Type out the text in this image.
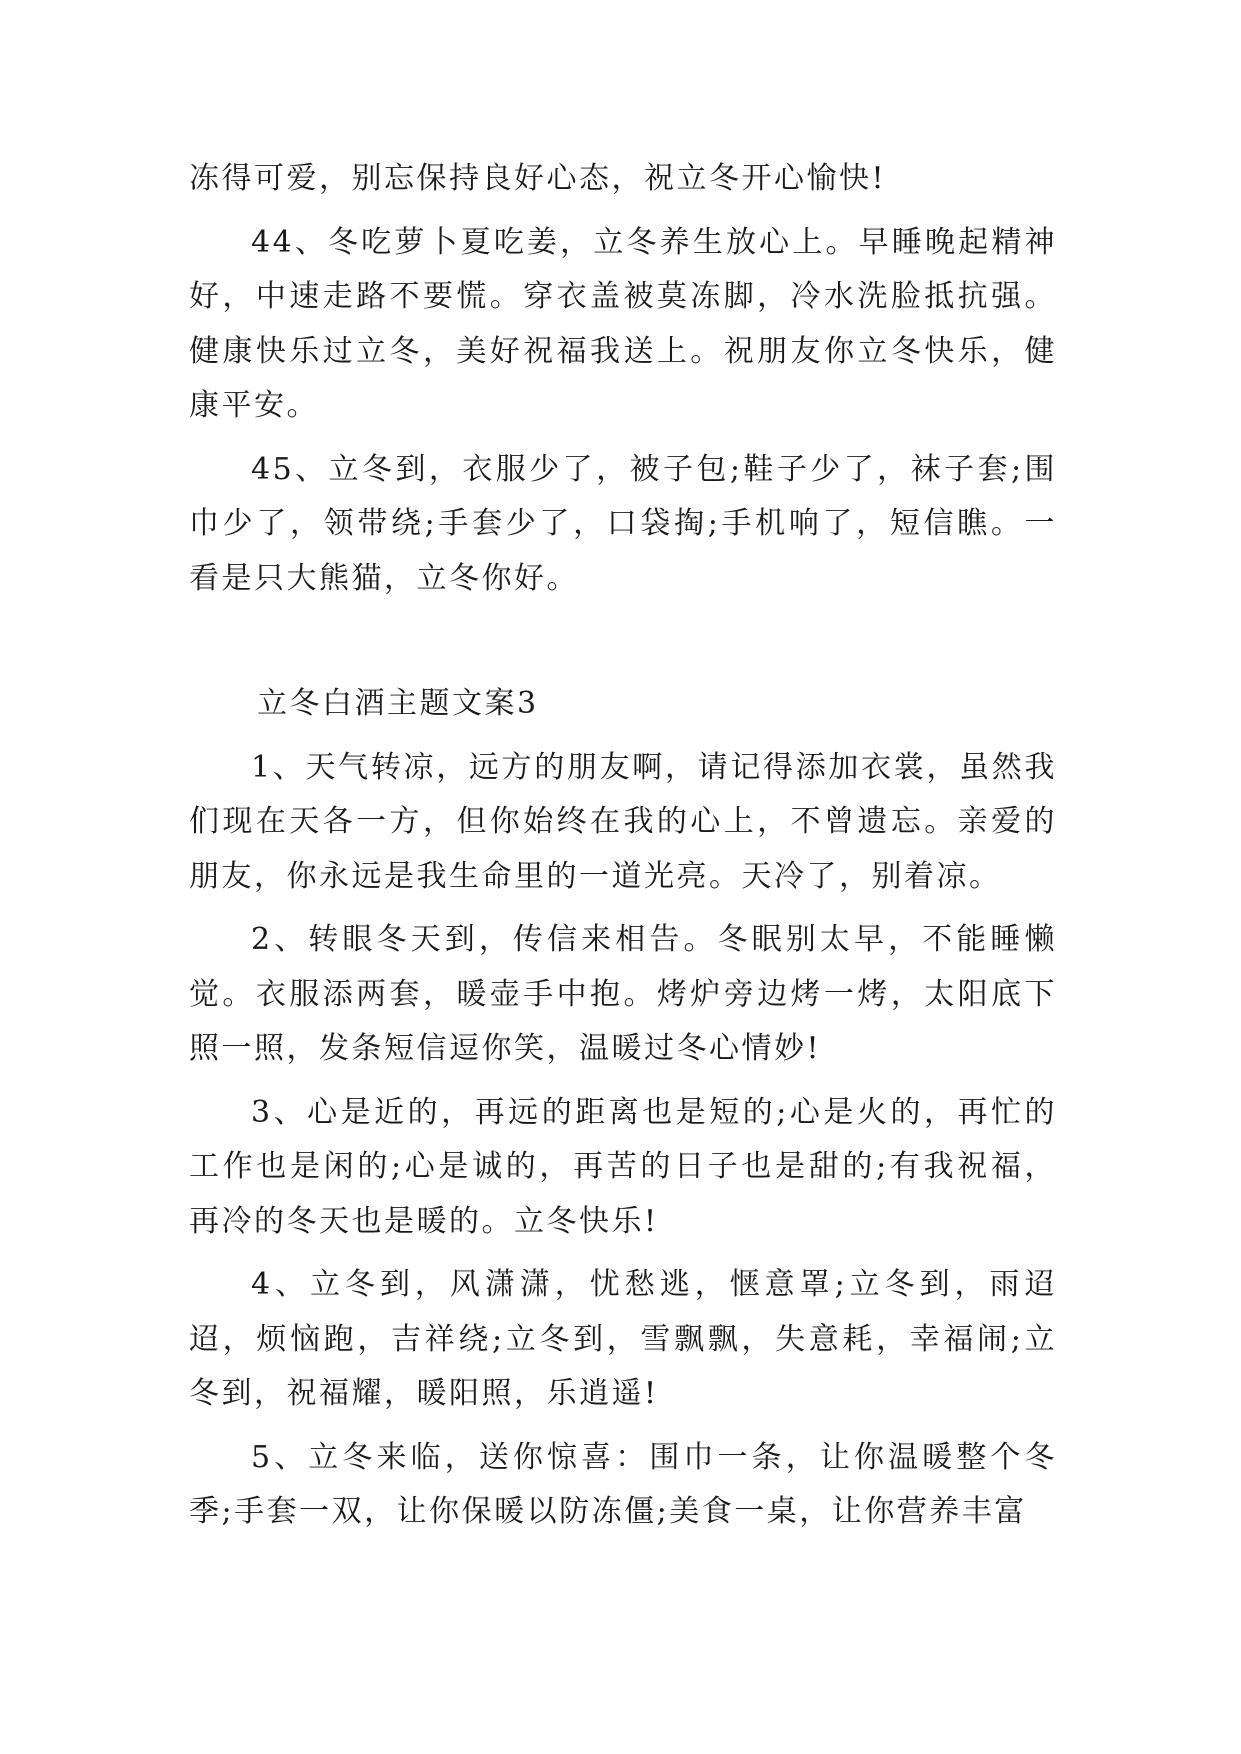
冻得可爱，别忘保持良好心态，祝立冬开心愉快!

44、冬吃萝卜夏吃姜，立冬养生放心上。早睡晚起精神好，中速走路不要慌。穿衣盖被莫冻脚，冷水洗脸抵抗强。健康快乐过立冬，美好祝福我送上。祝朋友你立冬快乐，健康平安。

45、立冬到，衣服少了，被子包;鞋子少了，袜子套;围巾少了，领带绕;手套少了，口袋掏;手机响了，短信瞧。一看是只大熊猫，立冬你好。

立冬白酒主题文案3

1、天气转凉，远方的朋友啊，请记得添加衣裳，虽然我们现在天各一方，但你始终在我的心上，不曾遗忘。亲爱的朋友，你永远是我生命里的一道光亮。天冷了，别着凉。

2、转眼冬天到，传信来相告。冬眠别太早，不能睡懒觉。衣服添两套，暖壶手中抱。烤炉旁边烤一烤，太阳底下照一照，发条短信逗你笑，温暖过冬心情妙!

3、心是近的，再远的距离也是短的;心是火的，再忙的工作也是闲的;心是诚的，再苦的日子也是甜的;有我祝福，再冷的冬天也是暖的。立冬快乐!

4、立冬到，风潇潇，忧愁逃，惬意罩;立冬到，雨迢迢，烦恼跑，吉祥绕;立冬到，雪飘飘，失意耗，幸福闹;立冬到，祝福耀，暖阳照，乐逍遥!

5、立冬来临，送你惊喜：围巾一条，让你温暖整个冬季;手套一双，让你保暖以防冻僵;美食一桌，让你营养丰富
